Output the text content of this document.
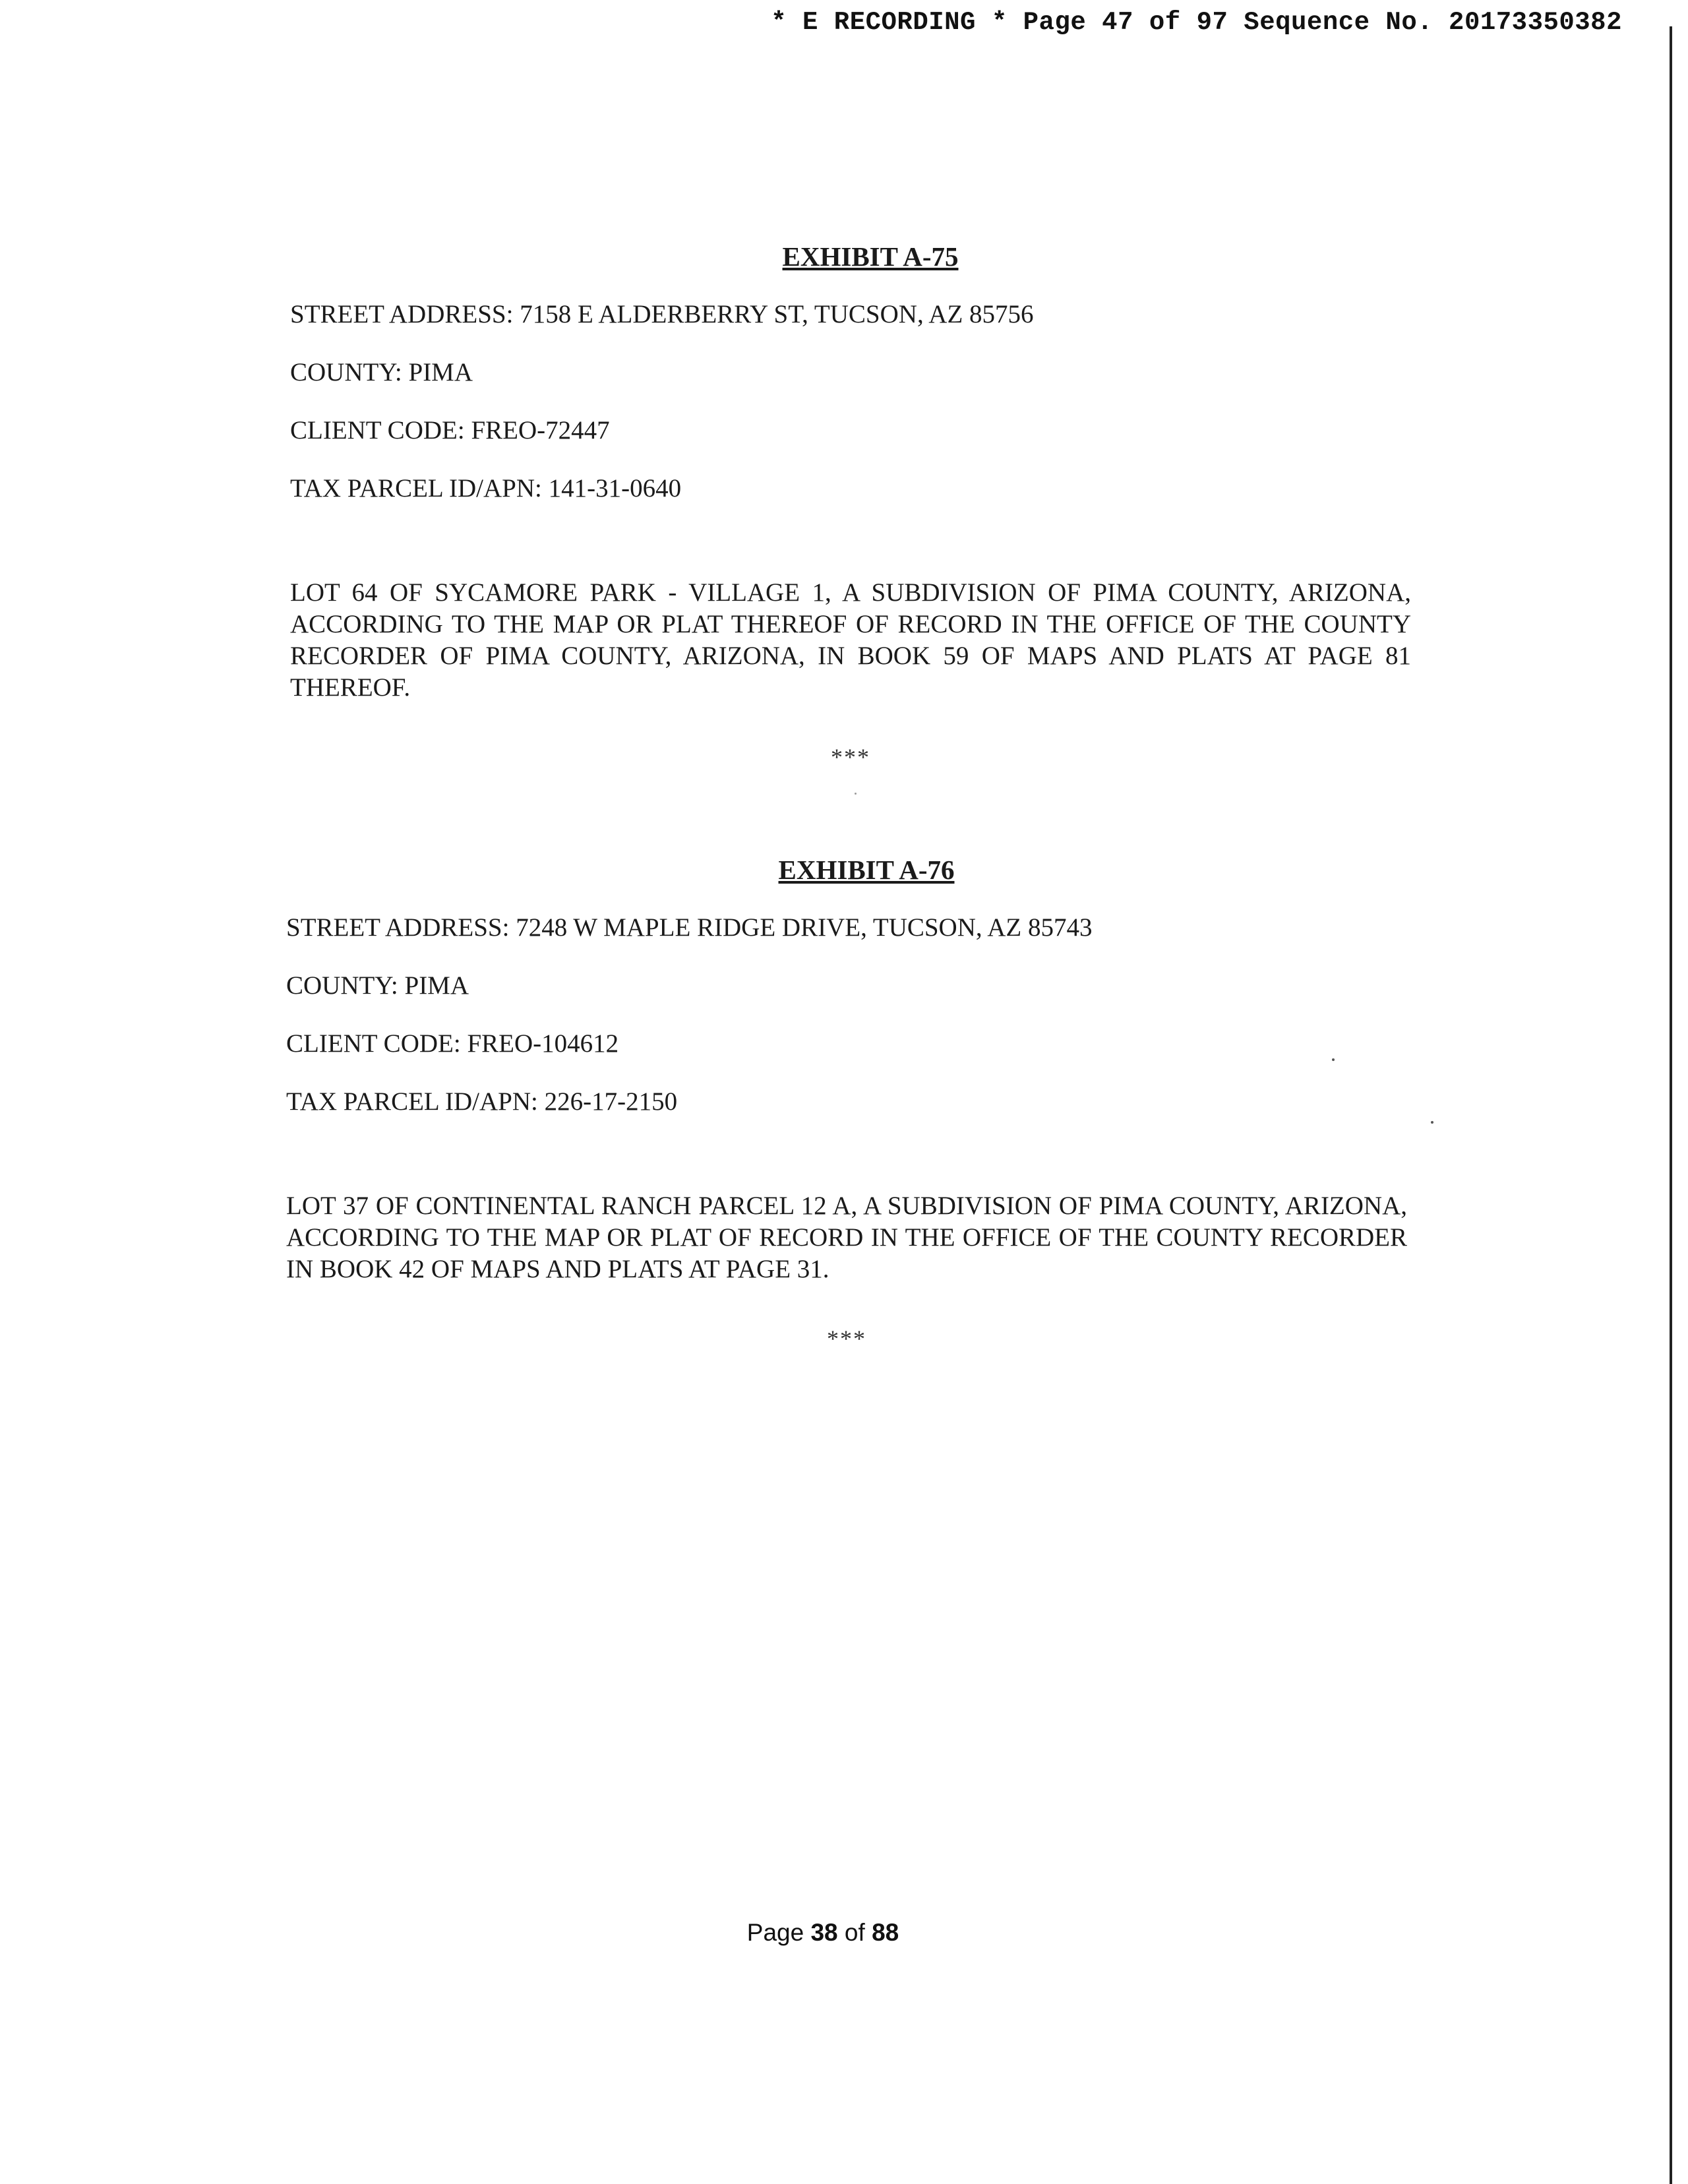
* E RECORDING * Page 47 of 97 Sequence No. 20173350382
EXHIBIT A-75

STREET ADDRESS: 7158 E ALDERBERRY ST, TUCSON, AZ 85756

COUNTY: PIMA

CLIENT CODE: FREO-72447

TAX PARCEL ID/APN: 141-31-0640

LOT 64 OF SYCAMORE PARK - VILLAGE 1, A SUBDIVISION OF PIMA COUNTY, ARIZONA, ACCORDING TO THE MAP OR PLAT THEREOF OF RECORD IN THE OFFICE OF THE COUNTY RECORDER OF PIMA COUNTY, ARIZONA, IN BOOK 59 OF MAPS AND PLATS AT PAGE 81 THEREOF.

***
EXHIBIT A-76

STREET ADDRESS: 7248 W MAPLE RIDGE DRIVE, TUCSON, AZ 85743

COUNTY: PIMA

CLIENT CODE: FREO-104612

TAX PARCEL ID/APN: 226-17-2150

LOT 37 OF CONTINENTAL RANCH PARCEL 12 A, A SUBDIVISION OF PIMA COUNTY, ARIZONA, ACCORDING TO THE MAP OR PLAT OF RECORD IN THE OFFICE OF THE COUNTY RECORDER IN BOOK 42 OF MAPS AND PLATS AT PAGE 31.

***
Page 38 of 88
